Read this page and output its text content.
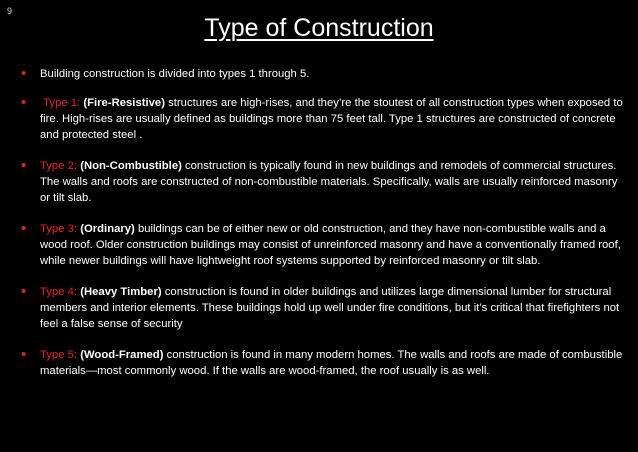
9
Type of Construction
• Building construction is divided into types 1 through 5.
• Type 1: (Fire-Resistive) structures are high-rises, and they’re the stoutest of all construction types when exposed to fire. High-rises are usually defined as buildings more than 75 feet tall. Type 1 structures are constructed of concrete and protected steel .
• Type 2: (Non-Combustible) construction is typically found in new buildings and remodels of commercial structures. The walls and roofs are constructed of non-combustible materials. Specifically, walls are usually reinforced masonry or tilt slab.
• Type 3: (Ordinary) buildings can be of either new or old construction, and they have non-combustible walls and a wood roof. Older construction buildings may consist of unreinforced masonry and have a conventionally framed roof, while newer buildings will have lightweight roof systems supported by reinforced masonry or tilt slab.
• Type 4: (Heavy Timber) construction is found in older buildings and utilizes large dimensional lumber for structural members and interior elements. These buildings hold up well under fire conditions, but it’s critical that firefighters not feel a false sense of security
• Type 5: (Wood-Framed) construction is found in many modern homes. The walls and roofs are made of combustible materials—most commonly wood. If the walls are wood-framed, the roof usually is as well.
